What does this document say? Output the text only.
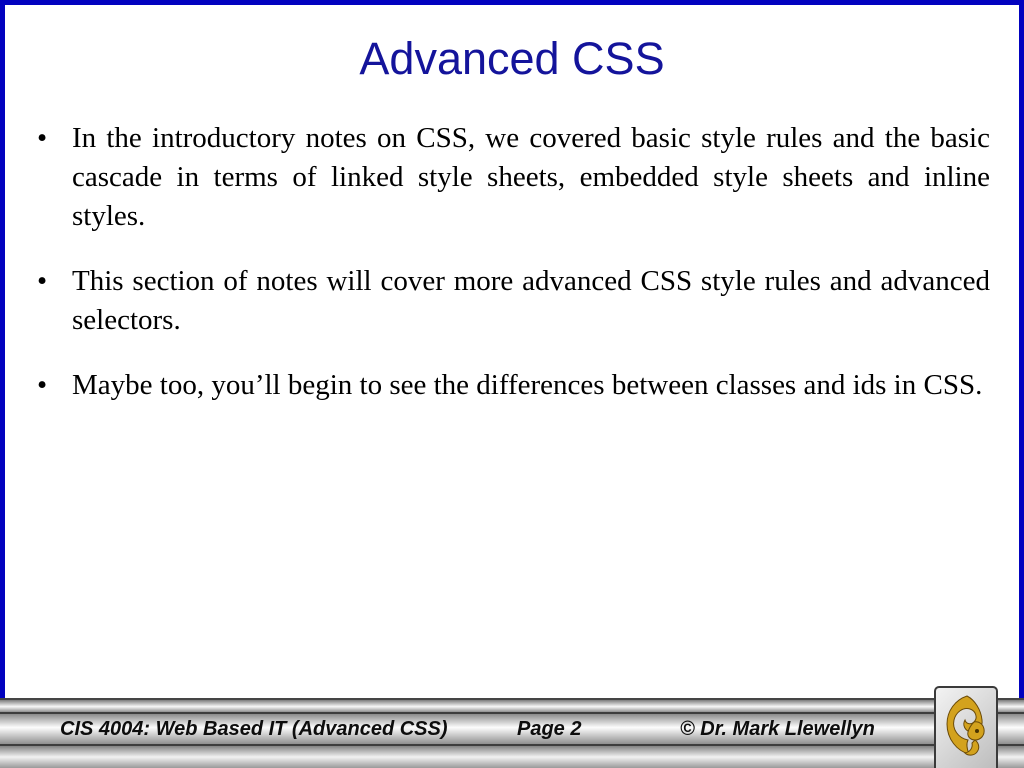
Advanced CSS
• In the introductory notes on CSS, we covered basic style rules and the basic cascade in terms of linked style sheets, embedded style sheets and inline styles.
• This section of notes will cover more advanced CSS style rules and advanced selectors.
• Maybe too, you’ll begin to see the differences between classes and ids in CSS.
CIS 4004: Web Based IT (Advanced CSS)	Page 2	© Dr. Mark Llewellyn
